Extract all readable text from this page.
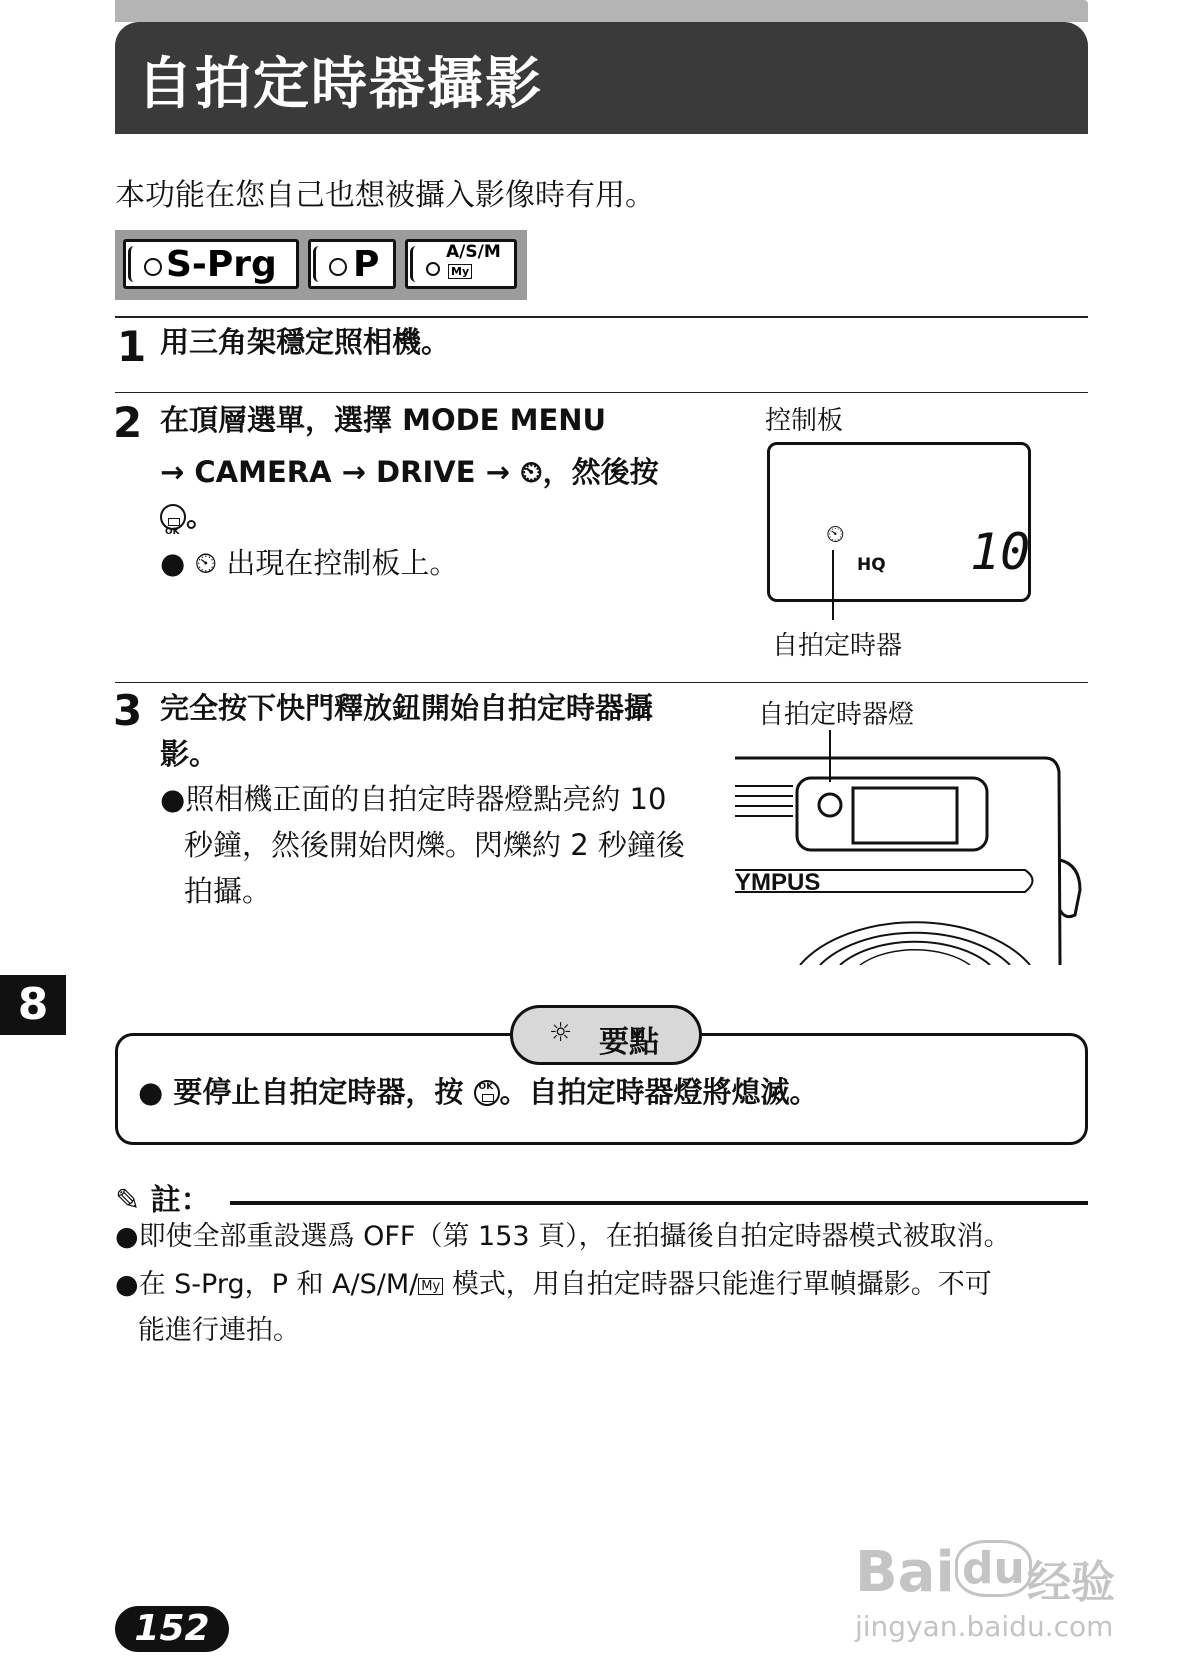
自拍定時器攝影
本功能在您自己也想被攝入影像時有用。
S-Prg P	A/S/M
My
1 用三角架穩定照相機。
2 在頂層選單，選擇 MODE MENU
→ CAMERA → DRIVE → ⏲，然後按
OK。
● ⏲ 出現在控制板上。
控制板
⏲
HQ 10
自拍定時器
3 完全按下快門釋放鈕開始自拍定時器攝
影。
●照相機正面的自拍定時器燈點亮約 10
秒鐘，然後開始閃爍。閃爍約 2 秒鐘後
拍攝。
自拍定時器燈
YMPUS
8
● 要停止自拍定時器，按 OK 。自拍定時器燈將熄滅。
☼ 要點
✎ 註：
●即使全部重設選爲 OFF（第 153 頁），在拍攝後自拍定時器模式被取消。
●在 S-Prg，P 和 A/S/M/ My 模式，用自拍定時器只能進行單幀攝影。不可
能進行連拍。
152
Bai du 经验
jingyan.baidu.com
